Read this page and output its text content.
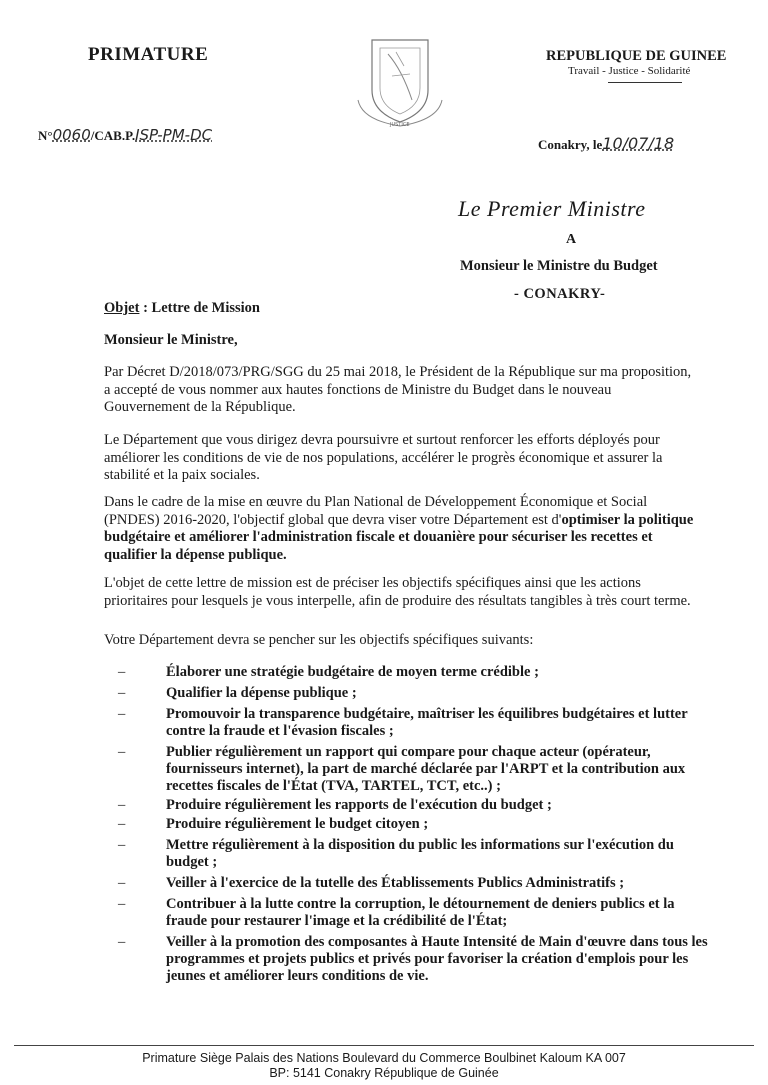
PRIMATURE
JUSTICE
REPUBLIQUE DE GUINEE
Travail - Justice - Solidarité
N°0060/CAB.P.ISP-PM-DC
Conakry, le10/07/18
Le Premier Ministre
A
Monsieur le Ministre du Budget
- CONAKRY-
Objet : Lettre de Mission
Monsieur le Ministre,

Par Décret D/2018/073/PRG/SGG du 25 mai 2018, le Président de la République sur ma proposition, a accepté de vous nommer aux hautes fonctions de Ministre du Budget dans le nouveau Gouvernement de la République.

Le Département que vous dirigez devra poursuivre et surtout renforcer les efforts déployés pour améliorer les conditions de vie de nos populations, accélérer le progrès économique et assurer la stabilité et la paix sociales.

Dans le cadre de la mise en œuvre du Plan National de Développement Économique et Social (PNDES) 2016-2020, l'objectif global que devra viser votre Département est d'optimiser la politique budgétaire et améliorer l'administration fiscale et douanière pour sécuriser les recettes et qualifier la dépense publique.

L'objet de cette lettre de mission est de préciser les objectifs spécifiques ainsi que les actions prioritaires pour lesquels je vous interpelle, afin de produire des résultats tangibles à très court terme.

Votre Département devra se pencher sur les objectifs spécifiques suivants:

–	Élaborer une stratégie budgétaire de moyen terme crédible ;
–	Qualifier la dépense publique ;
–	Promouvoir la transparence budgétaire, maîtriser les équilibres budgétaires et lutter contre la fraude et l'évasion fiscales ;
–	Publier régulièrement un rapport qui compare pour chaque acteur (opérateur, fournisseurs internet), la part de marché déclarée par l'ARPT et la contribution aux recettes fiscales de l'État (TVA, TARTEL, TCT, etc..) ;
–	Produire régulièrement les rapports de l'exécution du budget ;
–	Produire régulièrement le budget citoyen ;
–	Mettre régulièrement à la disposition du public les informations sur l'exécution du budget ;
–	Veiller à l'exercice de la tutelle des Établissements Publics Administratifs ;
–	Contribuer à la lutte contre la corruption, le détournement de deniers publics et la fraude pour restaurer l'image et la crédibilité de l'État;
–	Veiller à la promotion des composantes à Haute Intensité de Main d'œuvre dans tous les programmes et projets publics et privés pour favoriser la création d'emplois pour les jeunes et améliorer leurs conditions de vie.
Primature Siège Palais des Nations Boulevard du Commerce Boulbinet Kaloum KA 007
BP: 5141 Conakry République de Guinée
